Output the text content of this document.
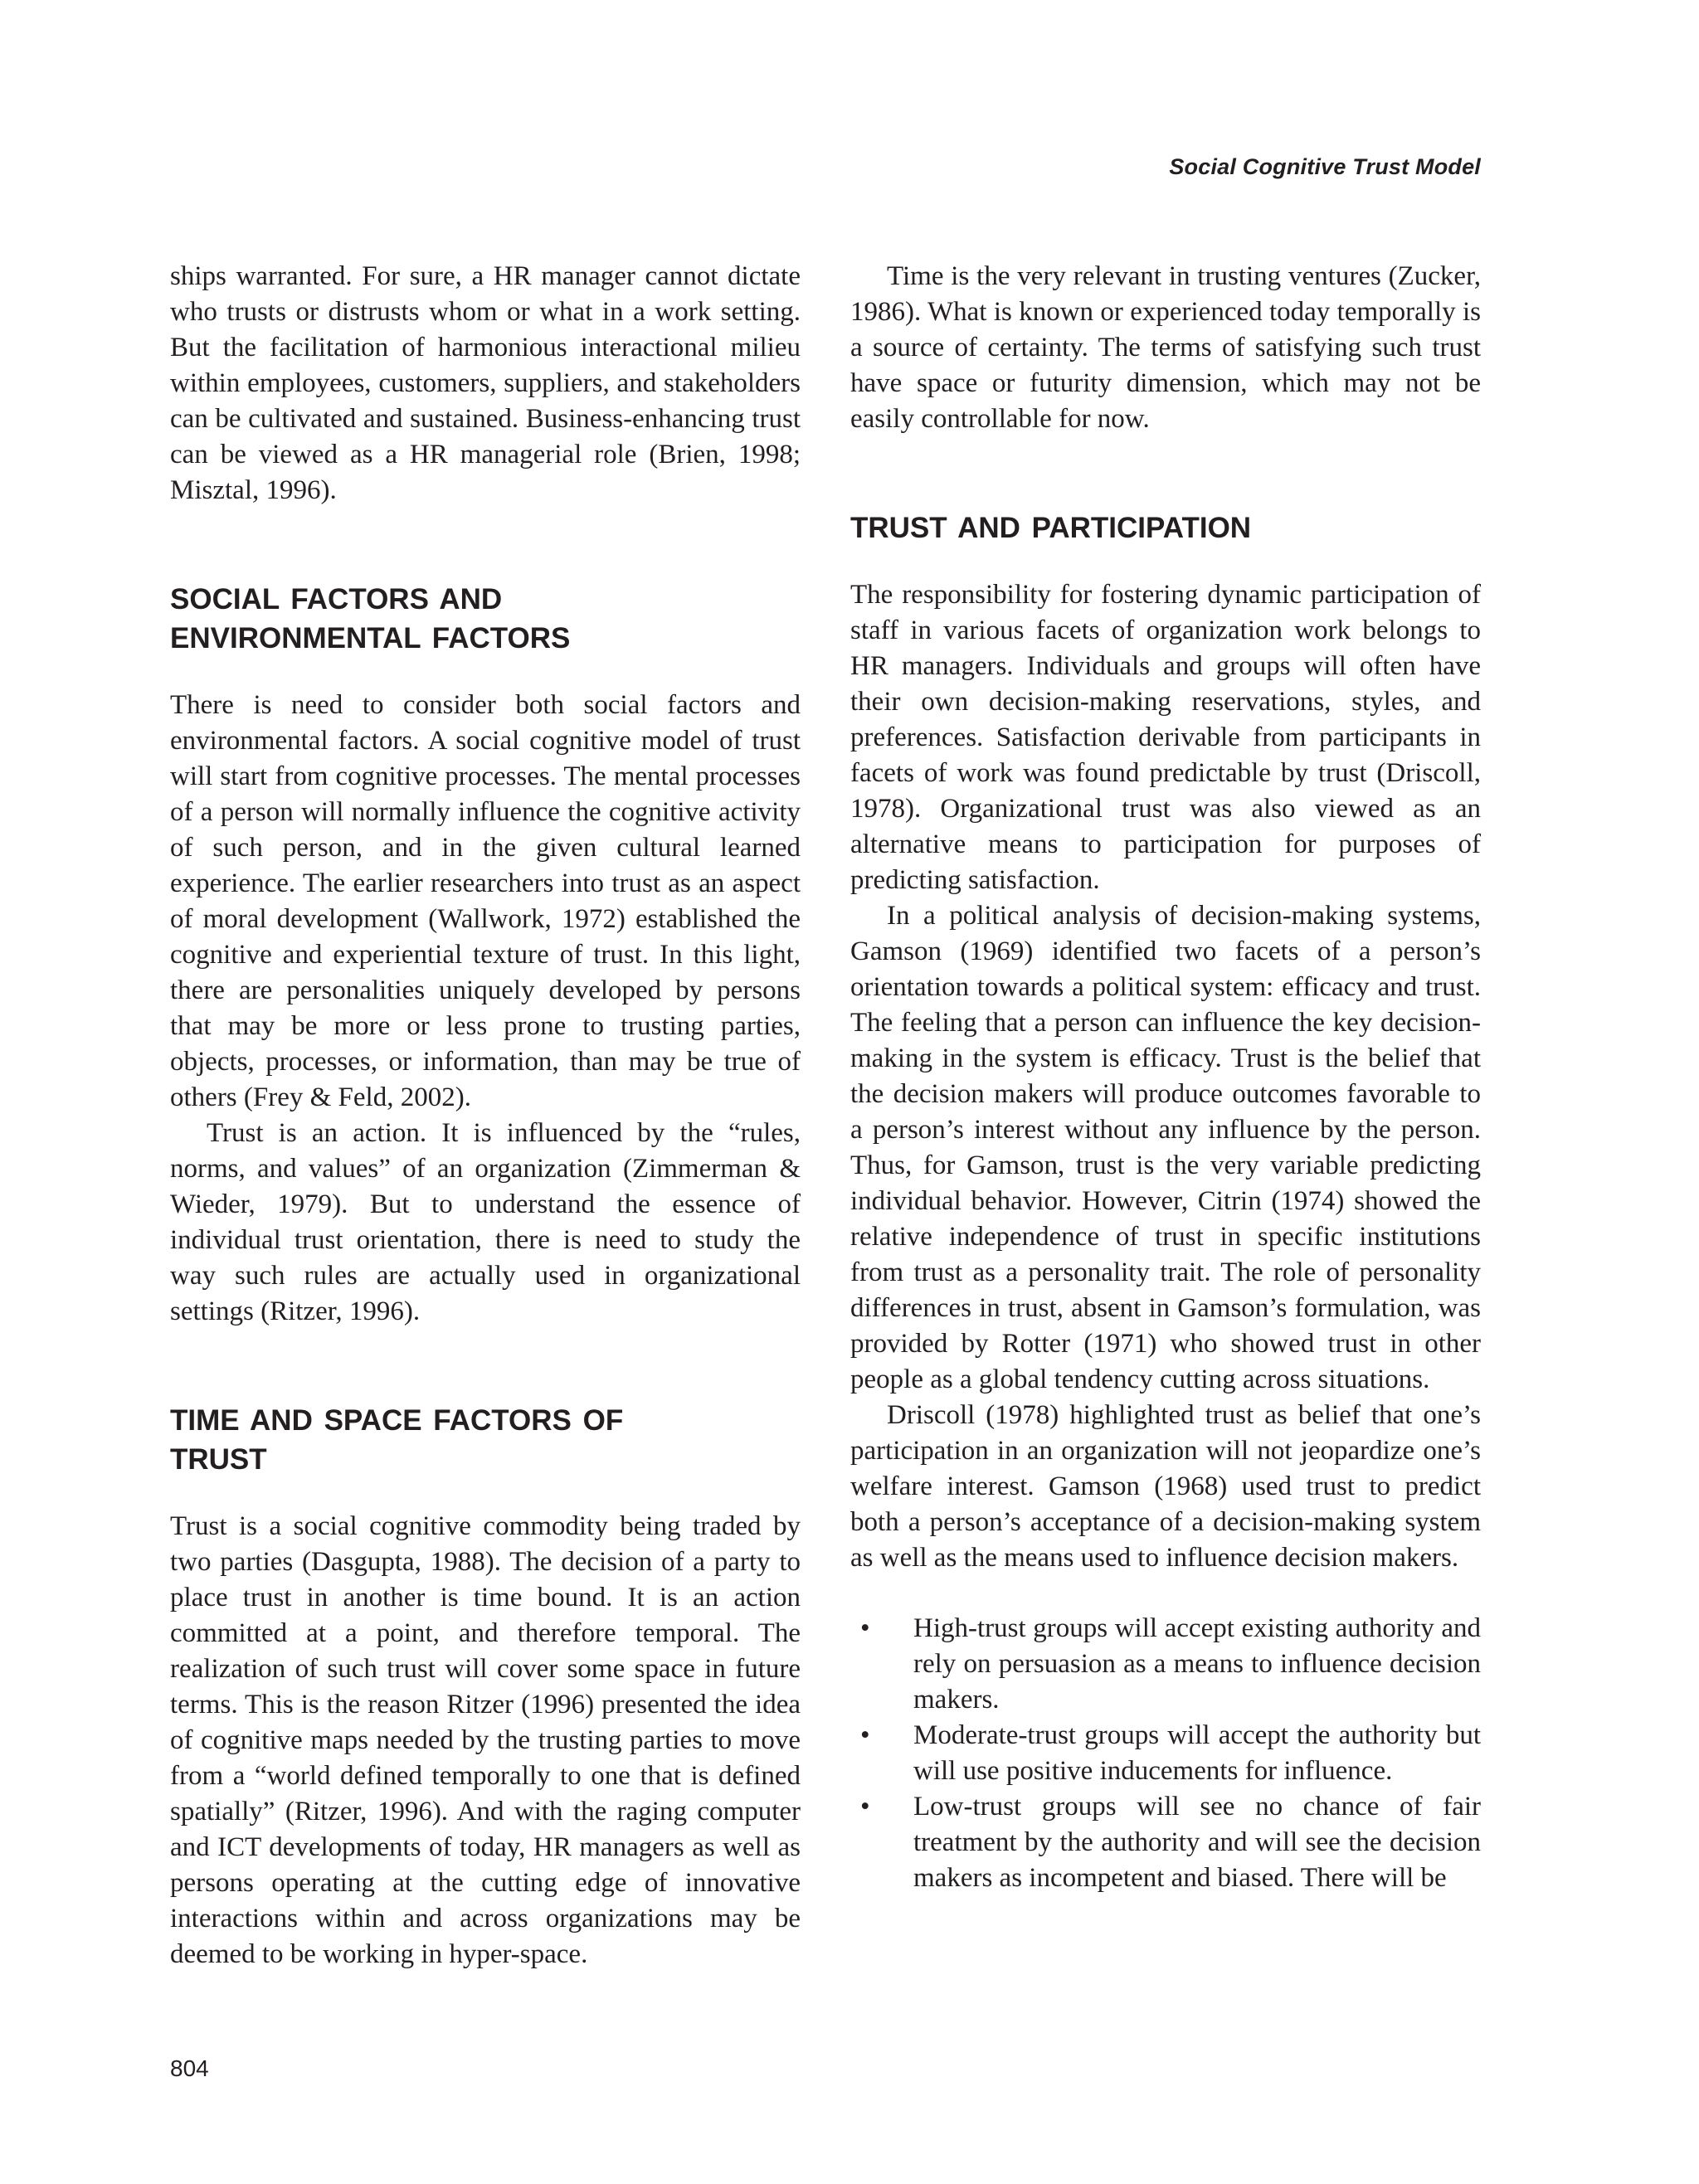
Social Cognitive Trust Model

ships warranted. For sure, a HR manager cannot dictate who trusts or distrusts whom or what in a work setting. But the facilitation of harmonious interactional milieu within employees, customers, suppliers, and stakeholders can be cultivated and sustained. Business-enhancing trust can be viewed as a HR managerial role (Brien, 1998; Misztal, 1996).

SOCIAL FACTORS AND
ENVIRONMENTAL FACTORS

There is need to consider both social factors and environmental factors. A social cognitive model of trust will start from cognitive processes. The mental processes of a person will normally influence the cognitive activity of such person, and in the given cultural learned experience. The earlier researchers into trust as an aspect of moral development (Wallwork, 1972) established the cognitive and experiential texture of trust. In this light, there are personalities uniquely developed by persons that may be more or less prone to trusting parties, objects, processes, or information, than may be true of others (Frey & Feld, 2002).

Trust is an action. It is influenced by the “rules, norms, and values” of an organization (Zimmerman & Wieder, 1979). But to understand the essence of individual trust orientation, there is need to study the way such rules are actually used in organizational settings (Ritzer, 1996).

TIME AND SPACE FACTORS OF
TRUST

Trust is a social cognitive commodity being traded by two parties (Dasgupta, 1988). The decision of a party to place trust in another is time bound. It is an action committed at a point, and therefore temporal. The realization of such trust will cover some space in future terms. This is the reason Ritzer (1996) presented the idea of cognitive maps needed by the trusting parties to move from a “world defined temporally to one that is defined spatially” (Ritzer, 1996). And with the raging computer and ICT developments of today, HR managers as well as persons operating at the cutting edge of innovative interactions within and across organizations may be deemed to be working in hyper-space.

Time is the very relevant in trusting ventures (Zucker, 1986). What is known or experienced today temporally is a source of certainty. The terms of satisfying such trust have space or futurity dimension, which may not be easily controllable for now.

TRUST AND PARTICIPATION

The responsibility for fostering dynamic participation of staff in various facets of organization work belongs to HR managers. Individuals and groups will often have their own decision-making reservations, styles, and preferences. Satisfaction derivable from participants in facets of work was found predictable by trust (Driscoll, 1978). Organizational trust was also viewed as an alternative means to participation for purposes of predicting satisfaction.

In a political analysis of decision-making systems, Gamson (1969) identified two facets of a person’s orientation towards a political system: efficacy and trust. The feeling that a person can influence the key decision-making in the system is efficacy. Trust is the belief that the decision makers will produce outcomes favorable to a person’s interest without any influence by the person. Thus, for Gamson, trust is the very variable predicting individual behavior. However, Citrin (1974) showed the relative independence of trust in specific institutions from trust as a personality trait. The role of personality differences in trust, absent in Gamson’s formulation, was provided by Rotter (1971) who showed trust in other people as a global tendency cutting across situations.

Driscoll (1978) highlighted trust as belief that one’s participation in an organization will not jeopardize one’s welfare interest. Gamson (1968) used trust to predict both a person’s acceptance of a decision-making system as well as the means used to influence decision makers.

• High-trust groups will accept existing authority and rely on persuasion as a means to influence decision makers.
• Moderate-trust groups will accept the authority but will use positive inducements for influence.
• Low-trust groups will see no chance of fair treatment by the authority and will see the decision makers as incompetent and biased. There will be
804
